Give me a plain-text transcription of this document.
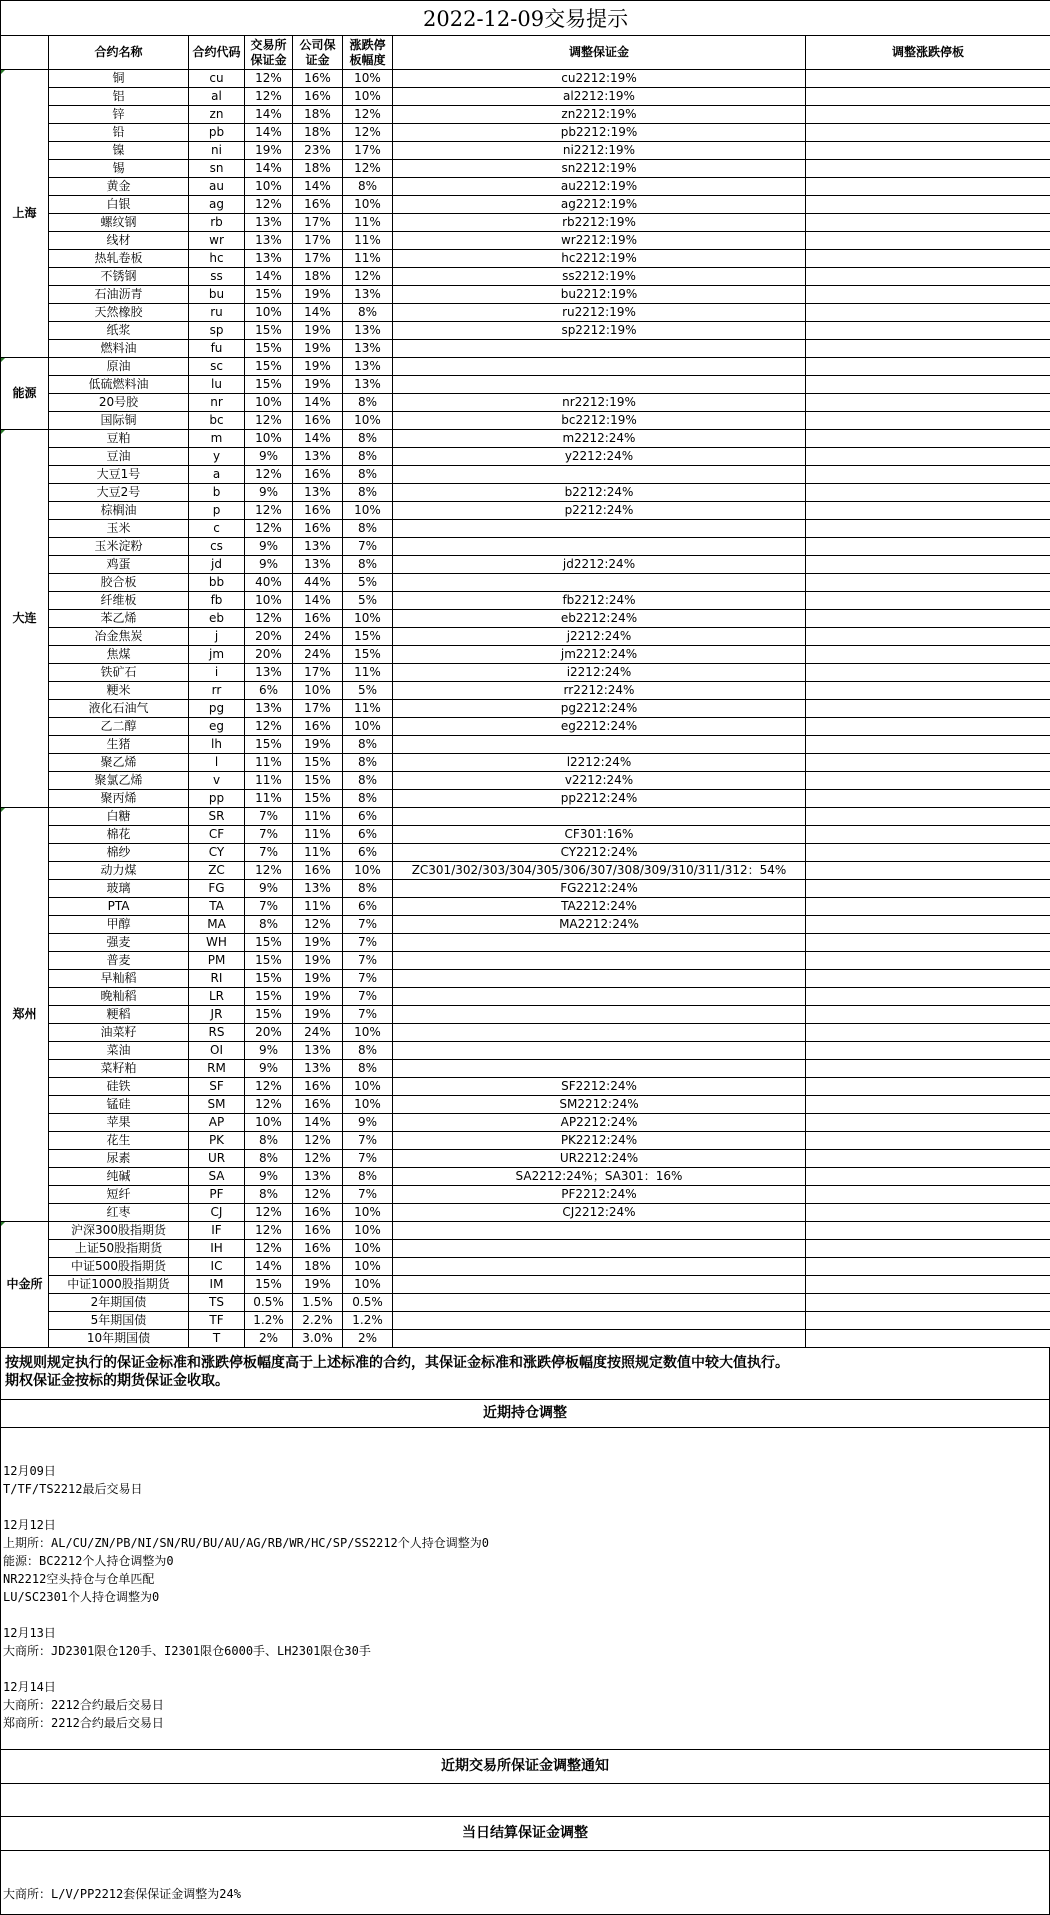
2022-12-09交易提示							
	合约名称	合约代码	交易所保证金	公司保证金	涨跌停板幅度	调整保证金	调整涨跌停板
上海	铜	cu	12%	16%	10%	cu2212:19%	
	铝	al	12%	16%	10%	al2212:19%	
	锌	zn	14%	18%	12%	zn2212:19%	
	铅	pb	14%	18%	12%	pb2212:19%	
	镍	ni	19%	23%	17%	ni2212:19%	
	锡	sn	14%	18%	12%	sn2212:19%	
	黄金	au	10%	14%	8%	au2212:19%	
	白银	ag	12%	16%	10%	ag2212:19%	
	螺纹钢	rb	13%	17%	11%	rb2212:19%	
	线材	wr	13%	17%	11%	wr2212:19%	
	热轧卷板	hc	13%	17%	11%	hc2212:19%	
	不锈钢	ss	14%	18%	12%	ss2212:19%	
	石油沥青	bu	15%	19%	13%	bu2212:19%	
	天然橡胶	ru	10%	14%	8%	ru2212:19%	
	纸浆	sp	15%	19%	13%	sp2212:19%	
	燃料油	fu	15%	19%	13%		
能源	原油	sc	15%	19%	13%		
	低硫燃料油	lu	15%	19%	13%		
	20号胶	nr	10%	14%	8%	nr2212:19%	
	国际铜	bc	12%	16%	10%	bc2212:19%	
大连	豆粕	m	10%	14%	8%	m2212:24%	
	豆油	y	9%	13%	8%	y2212:24%	
	大豆1号	a	12%	16%	8%		
	大豆2号	b	9%	13%	8%	b2212:24%	
	棕榈油	p	12%	16%	10%	p2212:24%	
	玉米	c	12%	16%	8%		
	玉米淀粉	cs	9%	13%	7%		
	鸡蛋	jd	9%	13%	8%	jd2212:24%	
	胶合板	bb	40%	44%	5%		
	纤维板	fb	10%	14%	5%	fb2212:24%	
	苯乙烯	eb	12%	16%	10%	eb2212:24%	
	冶金焦炭	j	20%	24%	15%	j2212:24%	
	焦煤	jm	20%	24%	15%	jm2212:24%	
	铁矿石	i	13%	17%	11%	i2212:24%	
	粳米	rr	6%	10%	5%	rr2212:24%	
	液化石油气	pg	13%	17%	11%	pg2212:24%	
	乙二醇	eg	12%	16%	10%	eg2212:24%	
	生猪	lh	15%	19%	8%		
	聚乙烯	l	11%	15%	8%	l2212:24%	
	聚氯乙烯	v	11%	15%	8%	v2212:24%	
	聚丙烯	pp	11%	15%	8%	pp2212:24%	
郑州	白糖	SR	7%	11%	6%		
	棉花	CF	7%	11%	6%	CF301:16%	
	棉纱	CY	7%	11%	6%	CY2212:24%	
	动力煤	ZC	12%	16%	10%	ZC301/302/303/304/305/306/307/308/309/310/311/312：54%	
	玻璃	FG	9%	13%	8%	FG2212:24%	
	PTA	TA	7%	11%	6%	TA2212:24%	
	甲醇	MA	8%	12%	7%	MA2212:24%	
	强麦	WH	15%	19%	7%		
	普麦	PM	15%	19%	7%		
	早籼稻	RI	15%	19%	7%		
	晚籼稻	LR	15%	19%	7%		
	粳稻	JR	15%	19%	7%		
	油菜籽	RS	20%	24%	10%		
	菜油	OI	9%	13%	8%		
	菜籽粕	RM	9%	13%	8%		
	硅铁	SF	12%	16%	10%	SF2212:24%	
	锰硅	SM	12%	16%	10%	SM2212:24%	
	苹果	AP	10%	14%	9%	AP2212:24%	
	花生	PK	8%	12%	7%	PK2212:24%	
	尿素	UR	8%	12%	7%	UR2212:24%	
	纯碱	SA	9%	13%	8%	SA2212:24%；SA301：16%	
	短纤	PF	8%	12%	7%	PF2212:24%	
	红枣	CJ	12%	16%	10%	CJ2212:24%	
中金所	沪深300股指期货	IF	12%	16%	10%		
	上证50股指期货	IH	12%	16%	10%		
	中证500股指期货	IC	14%	18%	10%		
	中证1000股指期货	IM	15%	19%	10%		
	2年期国债	TS	0.5%	1.5%	0.5%		
	5年期国债	TF	1.2%	2.2%	1.2%		
	10年期国债	T	2%	3.0%	2%		
按规则规定执行的保证金标准和涨跌停板幅度高于上述标准的合约，其保证金标准和涨跌停板幅度按照规定数值中较大值执行。
期权保证金按标的期货保证金收取。
近期持仓调整
12月09日
T/TF/TS2212最后交易日
12月12日
上期所：AL/CU/ZN/PB/NI/SN/RU/BU/AU/AG/RB/WR/HC/SP/SS2212个人持仓调整为0
能源：BC2212个人持仓调整为0
NR2212空头持仓与仓单匹配
LU/SC2301个人持仓调整为0
12月13日
大商所：JD2301限仓120手、I2301限仓6000手、LH2301限仓30手
12月14日
大商所：2212合约最后交易日
郑商所：2212合约最后交易日
近期交易所保证金调整通知
当日结算保证金调整
大商所：L/V/PP2212套保保证金调整为24%
